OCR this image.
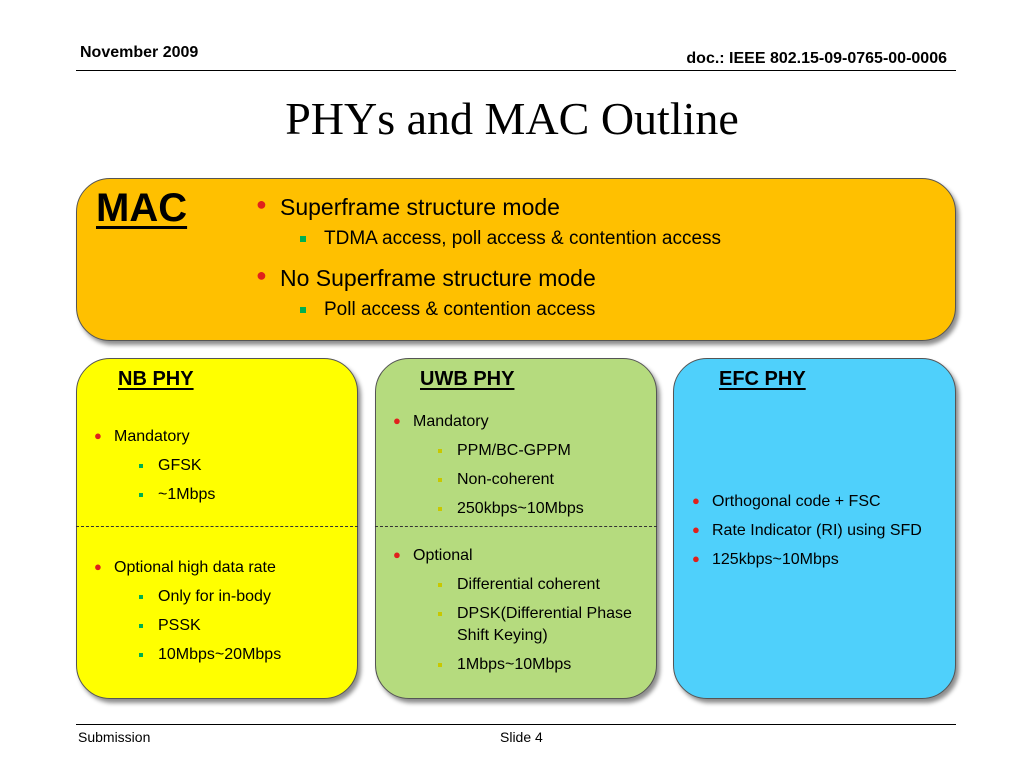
November 2009	doc.: IEEE 802.15-09-0765-00-0006
PHYs and MAC Outline
MAC	● Superframe structure mode
TDMA access, poll access & contention access
● No Superframe structure mode
Poll access & contention access
NB PHY
● Mandatory
GFSK
~1Mbps
● Optional high data rate
Only for in-body
PSSK
10Mbps~20Mbps
UWB PHY
● Mandatory
PPM/BC-GPPM
Non-coherent
250kbps~10Mbps
● Optional
Differential coherent
DPSK(Differential Phase Shift Keying)
1Mbps~10Mbps
EFC PHY
● Orthogonal code + FSC
● Rate Indicator (RI) using SFD
● 125kbps~10Mbps
Submission	Slide 4
